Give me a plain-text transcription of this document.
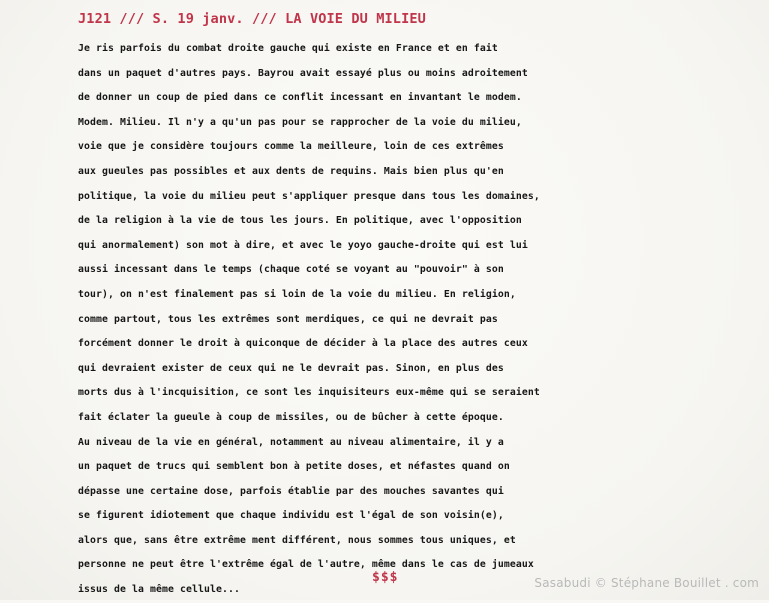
J121 /// S. 19 janv. /// LA VOIE DU MILIEU
Je ris parfois du combat droite gauche qui existe en France et en fait
dans un paquet d'autres pays. Bayrou avait essayé plus ou moins adroitement
de donner un coup de pied dans ce conflit incessant en invantant le modem.
Modem. Milieu. Il n'y a qu'un pas pour se rapprocher de la voie du milieu,
voie que je considère toujours comme la meilleure, loin de ces extrêmes
aux gueules pas possibles et aux dents de requins. Mais bien plus qu'en
politique, la voie du milieu peut s'appliquer presque dans tous les domaines,
de la religion à la vie de tous les jours. En politique, avec l'opposition
qui anormalement) son mot à dire, et avec le yoyo gauche-droite qui est lui
aussi incessant dans le temps (chaque coté se voyant au "pouvoir" à son
tour), on n'est finalement pas si loin de la voie du milieu. En religion,
comme partout, tous les extrêmes sont merdiques, ce qui ne devrait pas
forcément donner le droit à quiconque de décider à la place des autres ceux
qui devraient exister de ceux qui ne le devrait pas. Sinon, en plus des
morts dus à l'incquisition, ce sont les inquisiteurs eux-même qui se seraient
fait éclater la gueule à coup de missiles, ou de bûcher à cette époque.
Au niveau de la vie en général, notamment au niveau alimentaire, il y a
un paquet de trucs qui semblent bon à petite doses, et néfastes quand on
dépasse une certaine dose, parfois établie par des mouches savantes qui
se figurent idiotement que chaque individu est l'égal de son voisin(e),
alors que, sans être extrême ment différent, nous sommes tous uniques, et
personne ne peut être l'extrême égal de l'autre, même dans le cas de jumeaux
issus de la même cellule...
$$$	Sasabudi © Stéphane Bouillet . com
